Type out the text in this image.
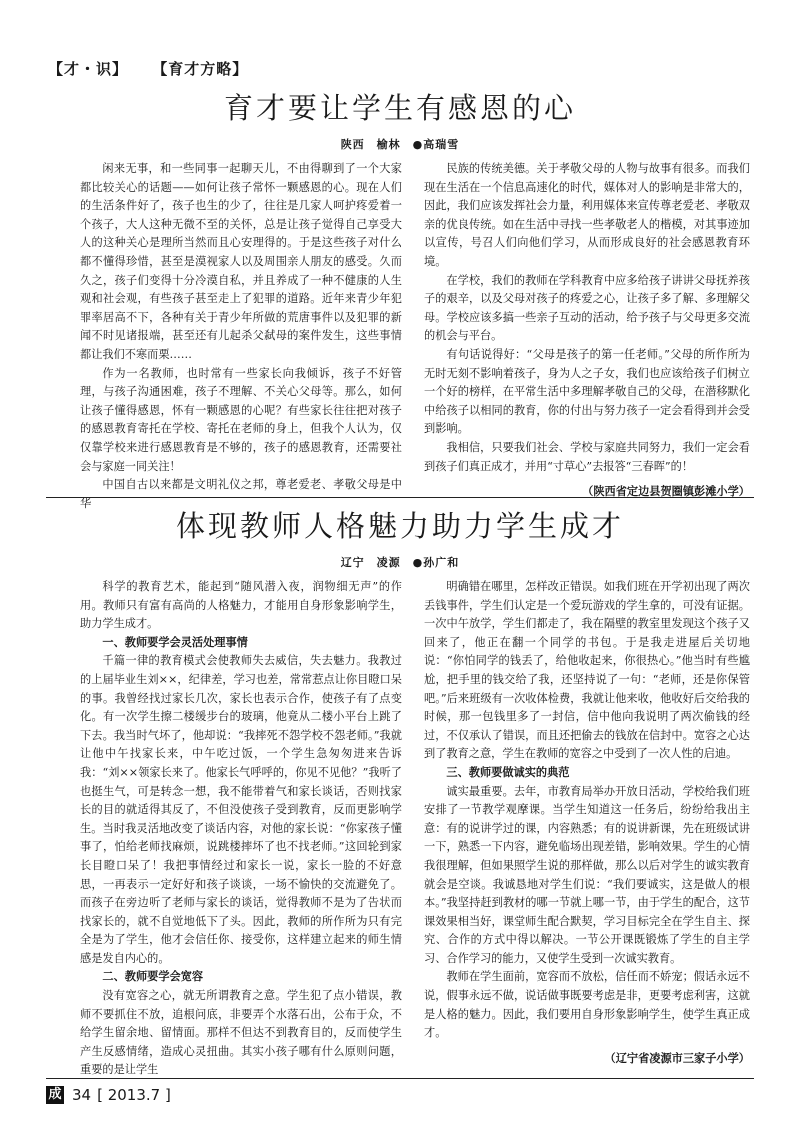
【才・识】 【育才方略】
育才要让学生有感恩的心
陕西　榆林　●高瑞雪

闲来无事，和一些同事一起聊天儿，不由得聊到了一个大家都比较关心的话题——如何让孩子常怀一颗感恩的心。现在人们的生活条件好了，孩子也生的少了，往往是几家人呵护疼爱着一个孩子，大人这种无微不至的关怀，总是让孩子觉得自己享受大人的这种关心是理所当然而且心安理得的。于是这些孩子对什么都不懂得珍惜，甚至是漠视家人以及周围亲人朋友的感受。久而久之，孩子们变得十分冷漠自私，并且养成了一种不健康的人生观和社会观，有些孩子甚至走上了犯罪的道路。近年来青少年犯罪率居高不下，各种有关于青少年所做的荒唐事件以及犯罪的新闻不时见诸报端，甚至还有儿起杀父弑母的案件发生，这些事情都让我们不寒而栗……

作为一名教师，也时常有一些家长向我倾诉，孩子不好管理，与孩子沟通困难，孩子不理解、不关心父母等。那么，如何让孩子懂得感恩，怀有一颗感恩的心呢？有些家长往往把对孩子的感恩教育寄托在学校、寄托在老师的身上，但我个人认为，仅仅靠学校来进行感恩教育是不够的，孩子的感恩教育，还需要社会与家庭一同关注！

中国自古以来都是文明礼仪之邦，尊老爱老、孝敬父母是中华

民族的传统美德。关于孝敬父母的人物与故事有很多。而我们现在生活在一个信息高速化的时代，媒体对人的影响是非常大的，因此，我们应该发挥社会力量，利用媒体来宣传尊老爱老、孝敬双亲的优良传统。如在生活中寻找一些孝敬老人的楷模，对其事迹加以宣传，号召人们向他们学习，从而形成良好的社会感恩教育环境。

在学校，我们的教师在学科教育中应多给孩子讲讲父母抚养孩子的艰辛，以及父母对孩子的疼爱之心，让孩子多了解、多理解父母。学校应该多搞一些亲子互动的活动，给予孩子与父母更多交流的机会与平台。

有句话说得好：“父母是孩子的第一任老师。”父母的所作所为无时无刻不影响着孩子，身为人之子女，我们也应该给孩子们树立一个好的榜样，在平常生活中多理解孝敬自己的父母，在潜移默化中给孩子以相同的教育，你的付出与努力孩子一定会看得到并会受到影响。

我相信，只要我们社会、学校与家庭共同努力，我们一定会看到孩子们真正成才，并用“寸草心”去报答“三春晖”的！

（陕西省定边县贺圈镇彭滩小学）
体现教师人格魅力助力学生成才
辽宁　凌源　●孙广和

科学的教育艺术，能起到“随风潜入夜，润物细无声”的作用。教师只有富有高尚的人格魅力，才能用自身形象影响学生，助力学生成才。

一、教师要学会灵活处理事情

千篇一律的教育模式会使教师失去威信，失去魅力。我教过的上届毕业生刘××，纪律差，学习也差，常常惹点让你目瞪口呆的事。我曾经找过家长几次，家长也表示合作，使孩子有了点变化。有一次学生擦二楼缓步台的玻璃，他竟从二楼小平台上跳了下去。我当时气坏了，他却说：“我摔死不怨学校不怨老师。”我就让他中午找家长来，中午吃过饭，一个学生急匆匆进来告诉我：“刘××领家长来了。他家长气呼呼的，你见不见他？”我听了也挺生气，可是转念一想，我不能带着气和家长谈话，否则找家长的目的就适得其反了，不但没使孩子受到教育，反而更影响学生。当时我灵活地改变了谈话内容，对他的家长说：“你家孩子懂事了，怕给老师找麻烦，说跳楼摔坏了也不找老师。”这回轮到家长目瞪口呆了！我把事情经过和家长一说，家长一脸的不好意思，一再表示一定好好和孩子谈谈，一场不愉快的交流避免了。而孩子在旁边听了老师与家长的谈话，觉得教师不是为了告状而找家长的，就不自觉地低下了头。因此，教师的所作所为只有完全是为了学生，他才会信任你、接受你，这样建立起来的师生情感是发自内心的。

二、教师要学会宽容

没有宽容之心，就无所谓教育之意。学生犯了点小错误，教师不要抓住不放，追根问底，非要弄个水落石出，公布于众，不给学生留余地、留情面。那样不但达不到教育目的，反而使学生产生反感情绪，造成心灵扭曲。其实小孩子哪有什么原则问题，重要的是让学生

明确错在哪里，怎样改正错误。如我们班在开学初出现了两次丢钱事件，学生们认定是一个爱玩游戏的学生拿的，可没有证据。一次中午放学，学生们都走了，我在隔壁的教室里发现这个孩子又回来了，他正在翻一个同学的书包。于是我走进屋后关切地说：“你怕同学的钱丢了，给他收起来，你很热心。”他当时有些尴尬，把手里的钱交给了我，还坚持说了一句：“老师，还是你保管吧。”后来班级有一次收体检费，我就让他来收，他收好后交给我的时候，那一包钱里多了一封信，信中他向我说明了两次偷钱的经过，不仅承认了错误，而且还把偷去的钱放在信封中。宽容之心达到了教育之意，学生在教师的宽容之中受到了一次人性的启迪。

三、教师要做诚实的典范

诚实最重要。去年，市教育局举办开放日活动，学校给我们班安排了一节教学观摩课。当学生知道这一任务后，纷纷给我出主意：有的说讲学过的课，内容熟悉；有的说讲新课，先在班级试讲一下，熟悉一下内容，避免临场出现差错，影响效果。学生的心情我很理解，但如果照学生说的那样做，那么以后对学生的诚实教育就会是空谈。我诚恳地对学生们说：“我们要诚实，这是做人的根本。”我坚持赶到教材的哪一节就上哪一节，由于学生的配合，这节课效果相当好，课堂师生配合默契，学习目标完全在学生自主、探究、合作的方式中得以解决。一节公开课既锻炼了学生的自主学习、合作学习的能力，又使学生受到一次诚实教育。

教师在学生面前，宽容而不放松，信任而不娇宠；假话永远不说，假事永远不做，说话做事既要考虑是非，更要考虑利害，这就是人格的魅力。因此，我们要用自身形象影响学生，使学生真正成才。

（辽宁省凌源市三家子小学）
成 34 [ 2013.7 ]
